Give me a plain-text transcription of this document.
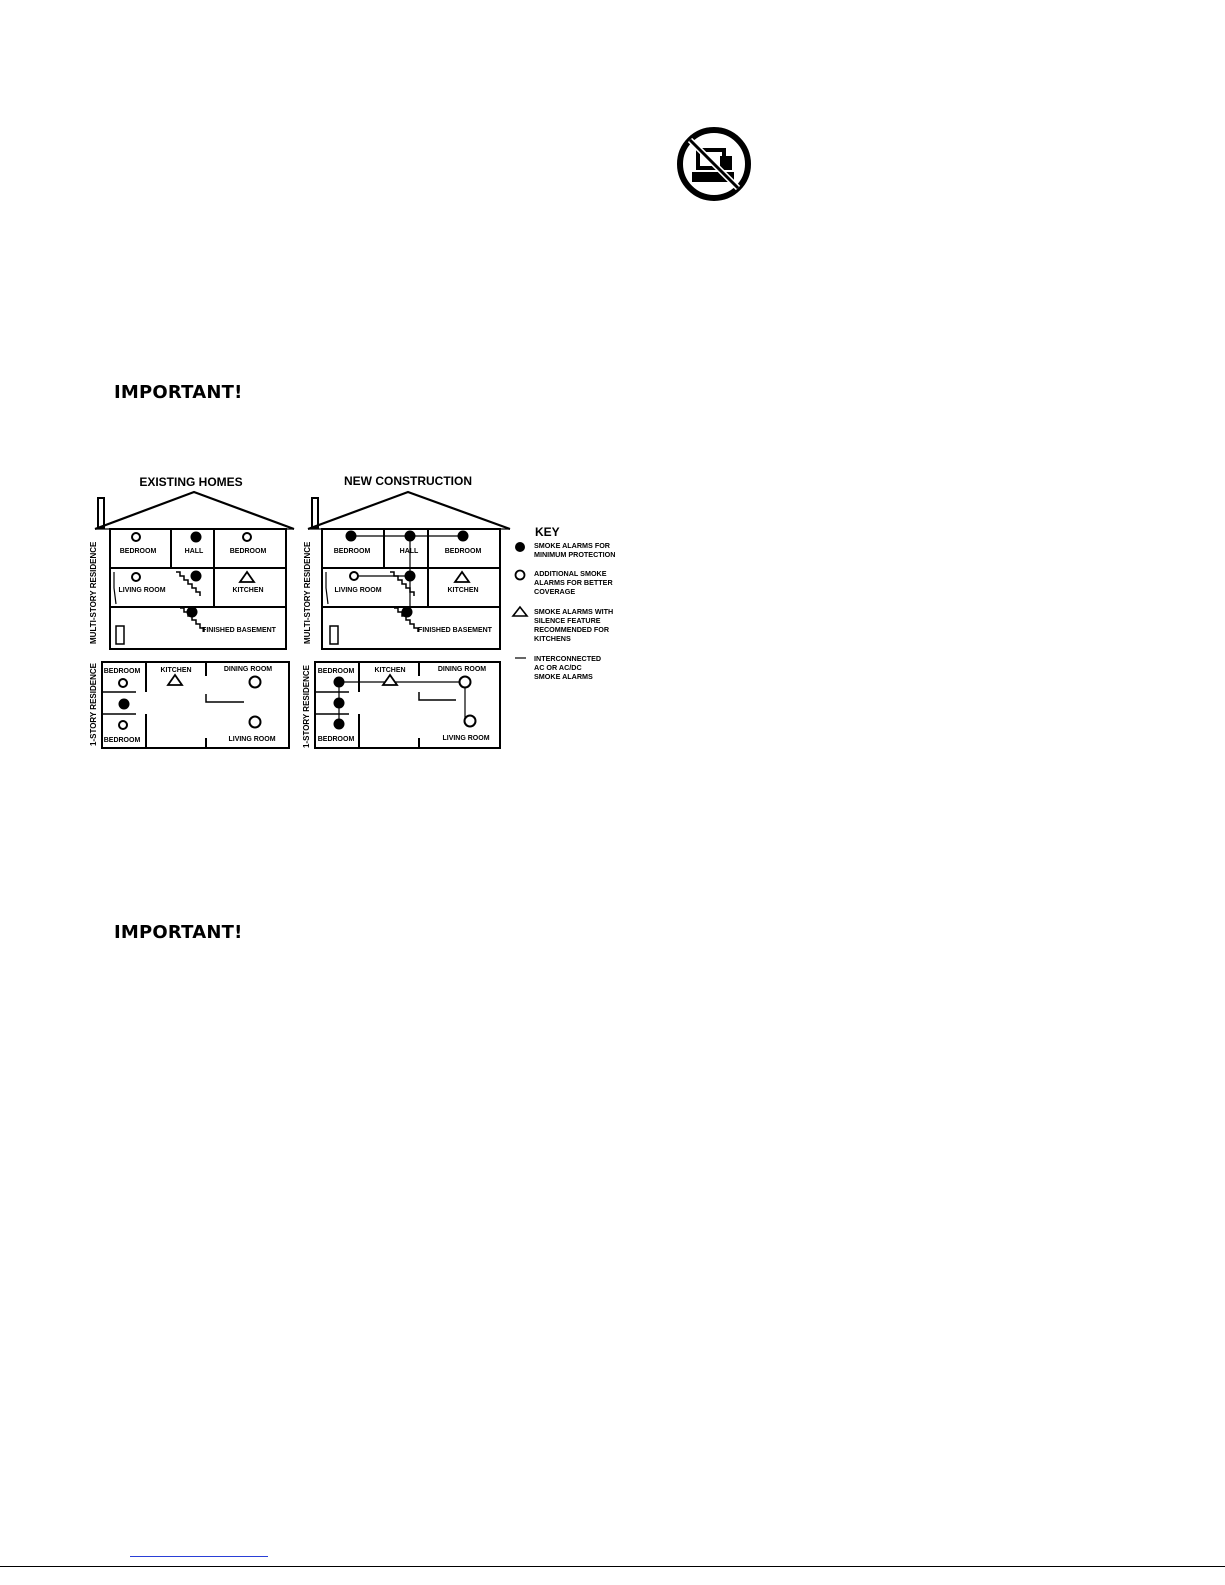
IMPORTANT!
EXISTING HOMES	NEW CONSTRUCTION
BEDROOM	HALL	BEDROOM
LIVING ROOM	KITCHEN
FINISHED BASEMENT
MULTI-STORY RESIDENCE
BEDROOM	KITCHEN	DINING ROOM
BEDROOM	LIVING ROOM
1-STORY RESIDENCE
BEDROOM	HALL	BEDROOM
LIVING ROOM	KITCHEN
FINISHED BASEMENT
MULTI-STORY RESIDENCE
BEDROOM	KITCHEN	DINING ROOM
BEDROOM	LIVING ROOM
1-STORY RESIDENCE
KEY
SMOKE ALARMS FOR
MINIMUM PROTECTION
ADDITIONAL SMOKE
ALARMS FOR BETTER
COVERAGE
SMOKE ALARMS WITH
SILENCE FEATURE
RECOMMENDED FOR
KITCHENS
INTERCONNECTED
AC OR AC/DC
SMOKE ALARMS
IMPORTANT!
